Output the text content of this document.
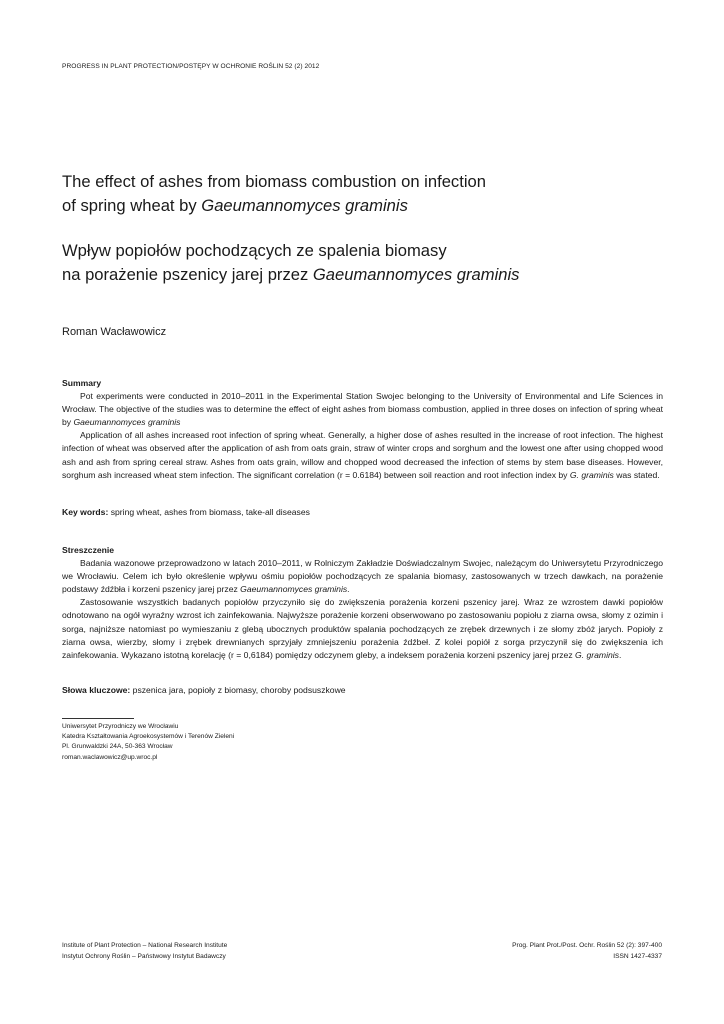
PROGRESS IN PLANT PROTECTION/POSTĘPY W OCHRONIE ROŚLIN 52 (2) 2012
The effect of ashes from biomass combustion on infection
of spring wheat by Gaeumannomyces graminis
Wpływ popiołów pochodzących ze spalenia biomasy
na porażenie pszenicy jarej przez Gaeumannomyces graminis
Roman Wacławowicz
Summary

Pot experiments were conducted in 2010–2011 in the Experimental Station Swojec belonging to the University of Environmental and Life Sciences in Wrocław. The objective of the studies was to determine the effect of eight ashes from biomass combustion, applied in three doses on infection of spring wheat by Gaeumannomyces graminis

Application of all ashes increased root infection of spring wheat. Generally, a higher dose of ashes resulted in the increase of root infection. The highest infection of wheat was observed after the application of ash from oats grain, straw of winter crops and sorghum and the lowest one after using chopped wood ash and ash from spring cereal straw. Ashes from oats grain, willow and chopped wood decreased the infection of stems by stem base diseases. However, sorghum ash increased wheat stem infection. The significant correlation (r = 0.6184) between soil reaction and root infection index by G. graminis was stated.

Key words: spring wheat, ashes from biomass, take-all diseases
Streszczenie

Badania wazonowe przeprowadzono w latach 2010–2011, w Rolniczym Zakładzie Doświadczalnym Swojec, należącym do Uniwersytetu Przyrodniczego we Wrocławiu. Celem ich było określenie wpływu ośmiu popiołów pochodzących ze spalania biomasy, zastosowanych w trzech dawkach, na porażenie podstawy źdźbła i korzeni pszenicy jarej przez Gaeumannomyces graminis.

Zastosowanie wszystkich badanych popiołów przyczyniło się do zwiększenia porażenia korzeni pszenicy jarej. Wraz ze wzrostem dawki popiołów odnotowano na ogół wyraźny wzrost ich zainfekowania. Najwyższe porażenie korzeni obserwowano po zastosowaniu popiołu z ziarna owsa, słomy z ozimin i sorga, najniższe natomiast po wymieszaniu z glebą ubocznych produktów spalania pochodzących ze zrębek drzewnych i ze słomy zbóż jarych. Popioły z ziarna owsa, wierzby, słomy i zrębek drewnianych sprzyjały zmniejszeniu porażenia źdźbeł. Z kolei popiół z sorga przyczynił się do zwiększenia ich zainfekowania. Wykazano istotną korelację (r = 0,6184) pomiędzy odczynem gleby, a indeksem porażenia korzeni pszenicy jarej przez G. graminis.

Słowa kluczowe: pszenica jara, popioły z biomasy, choroby podsuszkowe
Uniwersytet Przyrodniczy we Wrocławiu
Katedra Kształtowania Agroekosystemów i Terenów Zieleni
Pl. Grunwaldzki 24A, 50-363 Wrocław
roman.waclawowicz@up.wroc.pl
Institute of Plant Protection – National Research Institute
Instytut Ochrony Roślin – Państwowy Instytut Badawczy
Prog. Plant Prot./Post. Ochr. Roślin 52 (2): 397-400
ISSN 1427-4337
